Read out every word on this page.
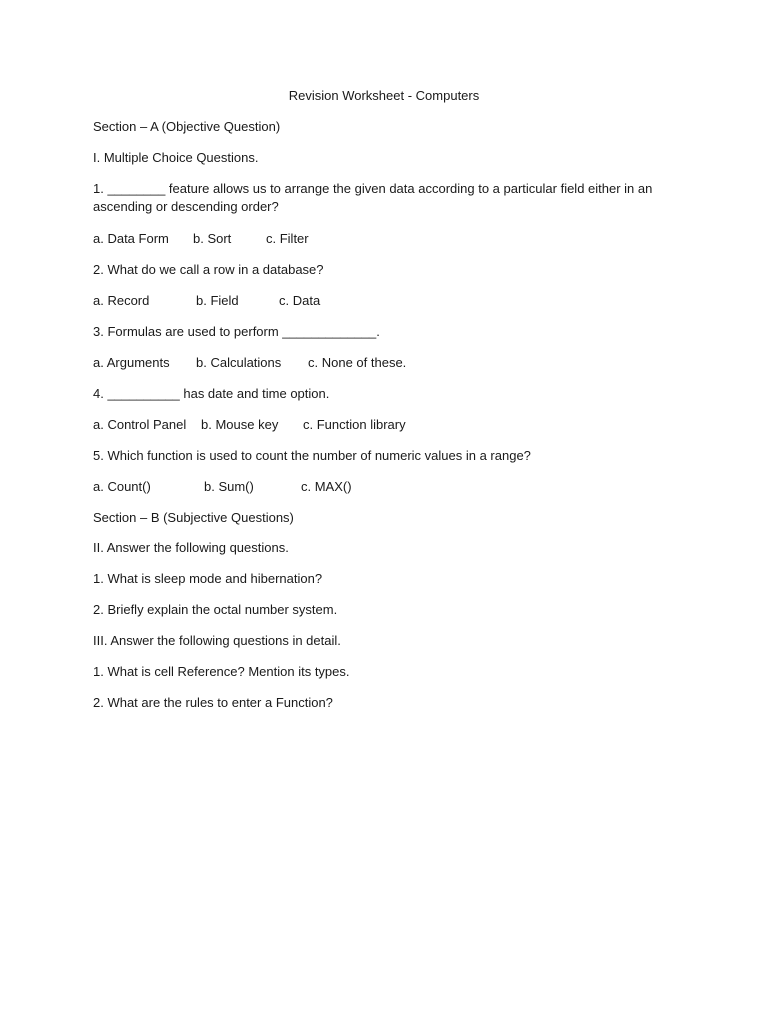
Revision Worksheet - Computers
Section – A (Objective Question)
I. Multiple Choice Questions.
1. ________ feature allows us to arrange the given data according to a particular field either in an ascending or descending order?
a. Data Form b. Sort	c. Filter
2. What do we call a row in a database?
a. Record	b. Field	c. Data
3. Formulas are used to perform _____________.
a. Arguments b. Calculations c. None of these.
4. __________ has date and time option.
a. Control Panel b. Mouse key c. Function library
5. Which function is used to count the number of numeric values in a range?
a. Count()	b. Sum()	c. MAX()
Section – B (Subjective Questions)
II. Answer the following questions.
1. What is sleep mode and hibernation?
2. Briefly explain the octal number system.
III. Answer the following questions in detail.
1. What is cell Reference? Mention its types.
2. What are the rules to enter a Function?
